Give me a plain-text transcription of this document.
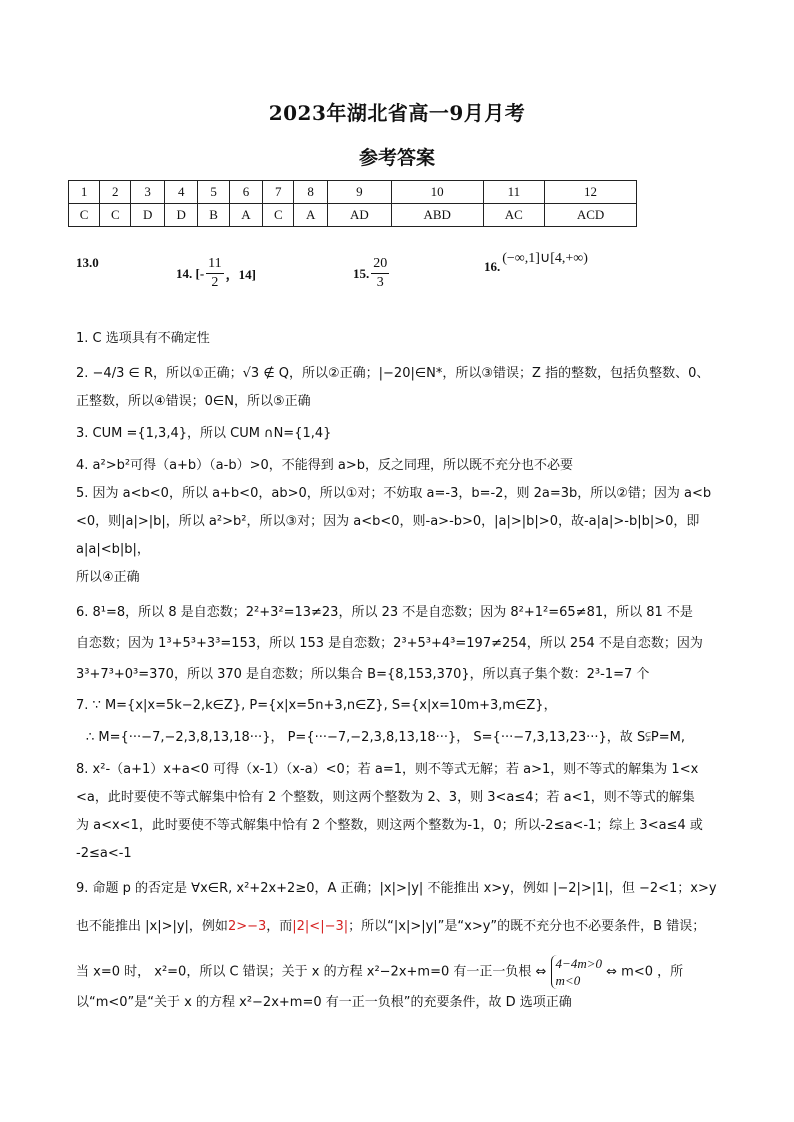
2023年湖北省高一9月月考
参考答案
1	2	3	4	5	6	7	8	9	10	11	12
C	C	D	D	B	A	C	A	AD	ABD	AC	ACD
13.0
14. [- $\frac{11}{2}$ ，14]	15. $\frac{20}{3}$	16. (−∞,1]∪[4,+∞)

1. C 选项具有不确定性

2. −4/3 ∈ R，所以①正确；√3 ∉ Q，所以②正确；|−20|∈N*，所以③错误；Z 指的整数，包括负整数、0、

正整数，所以④错误；0∈N，所以⑤正确

3. CUM ={1,3,4}，所以 CUM ∩N={1,4}

4. a²>b²可得（a+b）（a-b）>0，不能得到 a>b，反之同理，所以既不充分也不必要

5. 因为 a<b<0，所以 a+b<0，ab>0，所以①对；不妨取 a=-3，b=-2，则 2a=3b，所以②错；因为 a<b

<0，则|a|>|b|，所以 a²>b²，所以③对；因为 a<b<0，则-a>-b>0，|a|>|b|>0，故-a|a|>-b|b|>0，即 a|a|<b|b|，

所以④正确

6. 8¹=8，所以 8 是自恋数；2²+3²=13≠23，所以 23 不是自恋数；因为 8²+1²=65≠81，所以 81 不是

自恋数；因为 1³+5³+3³=153，所以 153 是自恋数；2³+5³+4³=197≠254，所以 254 不是自恋数；因为

3³+7³+0³=370，所以 370 是自恋数；所以集合 B={8,153,370}，所以真子集个数：2³-1=7 个

7. ∵ M={x|x=5k−2,k∈Z}, P={x|x=5n+3,n∈Z}, S={x|x=10m+3,m∈Z}，

∴ M={···−7,−2,3,8,13,18···}， P={···−7,−2,3,8,13,18···}， S={···−7,3,13,23···}，故 S⫋P=M,

8. x²-（a+1）x+a<0 可得（x-1）（x-a）<0；若 a=1，则不等式无解；若 a>1，则不等式的解集为 1<x

<a，此时要使不等式解集中恰有 2 个整数，则这两个整数为 2、3，则 3<a≤4；若 a<1，则不等式的解集

为 a<x<1，此时要使不等式解集中恰有 2 个整数，则这两个整数为-1，0；所以-2≤a<-1；综上 3<a≤4 或

-2≤a<-1

9. 命题 p 的否定是 ∀x∈R, x²+2x+2≥0，A 正确；|x|>|y| 不能推出 x>y，例如 |−2|>|1|，但 −2<1；x>y

也不能推出 |x|>|y|，例如2>−3，而|2|<|−3|；所以“|x|>|y|”是“x>y”的既不充分也不必要条件，B 错误；

当 x=0 时， x²=0，所以 C 错误；关于 x 的方程 x²−2x+m=0 有一正一负根 ⇔
4−4m>0
m<0
⇔ m<0 ，所

以“m<0”是“关于 x 的方程 x²−2x+m=0 有一正一负根”的充要条件，故 D 选项正确
